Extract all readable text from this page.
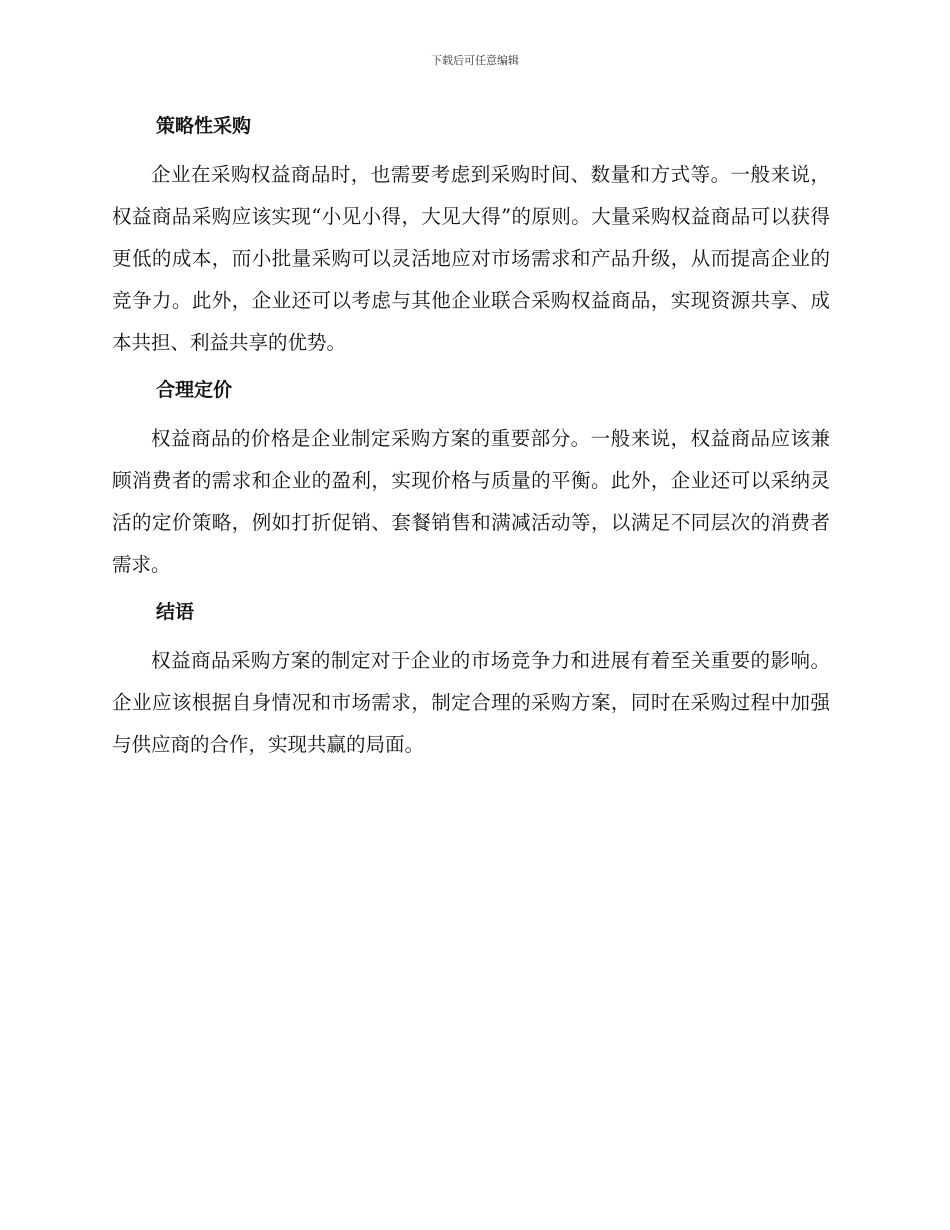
下载后可任意编辑
策略性采购

企业在采购权益商品时，也需要考虑到采购时间、数量和方式等。一般来说，权益商品采购应该实现“小见小得，大见大得”的原则。大量采购权益商品可以获得更低的成本，而小批量采购可以灵活地应对市场需求和产品升级，从而提高企业的竞争力。此外，企业还可以考虑与其他企业联合采购权益商品，实现资源共享、成本共担、利益共享的优势。

合理定价

权益商品的价格是企业制定采购方案的重要部分。一般来说，权益商品应该兼顾消费者的需求和企业的盈利，实现价格与质量的平衡。此外，企业还可以采纳灵活的定价策略，例如打折促销、套餐销售和满减活动等，以满足不同层次的消费者需求。

结语

权益商品采购方案的制定对于企业的市场竞争力和进展有着至关重要的影响。企业应该根据自身情况和市场需求，制定合理的采购方案，同时在采购过程中加强与供应商的合作，实现共赢的局面。
